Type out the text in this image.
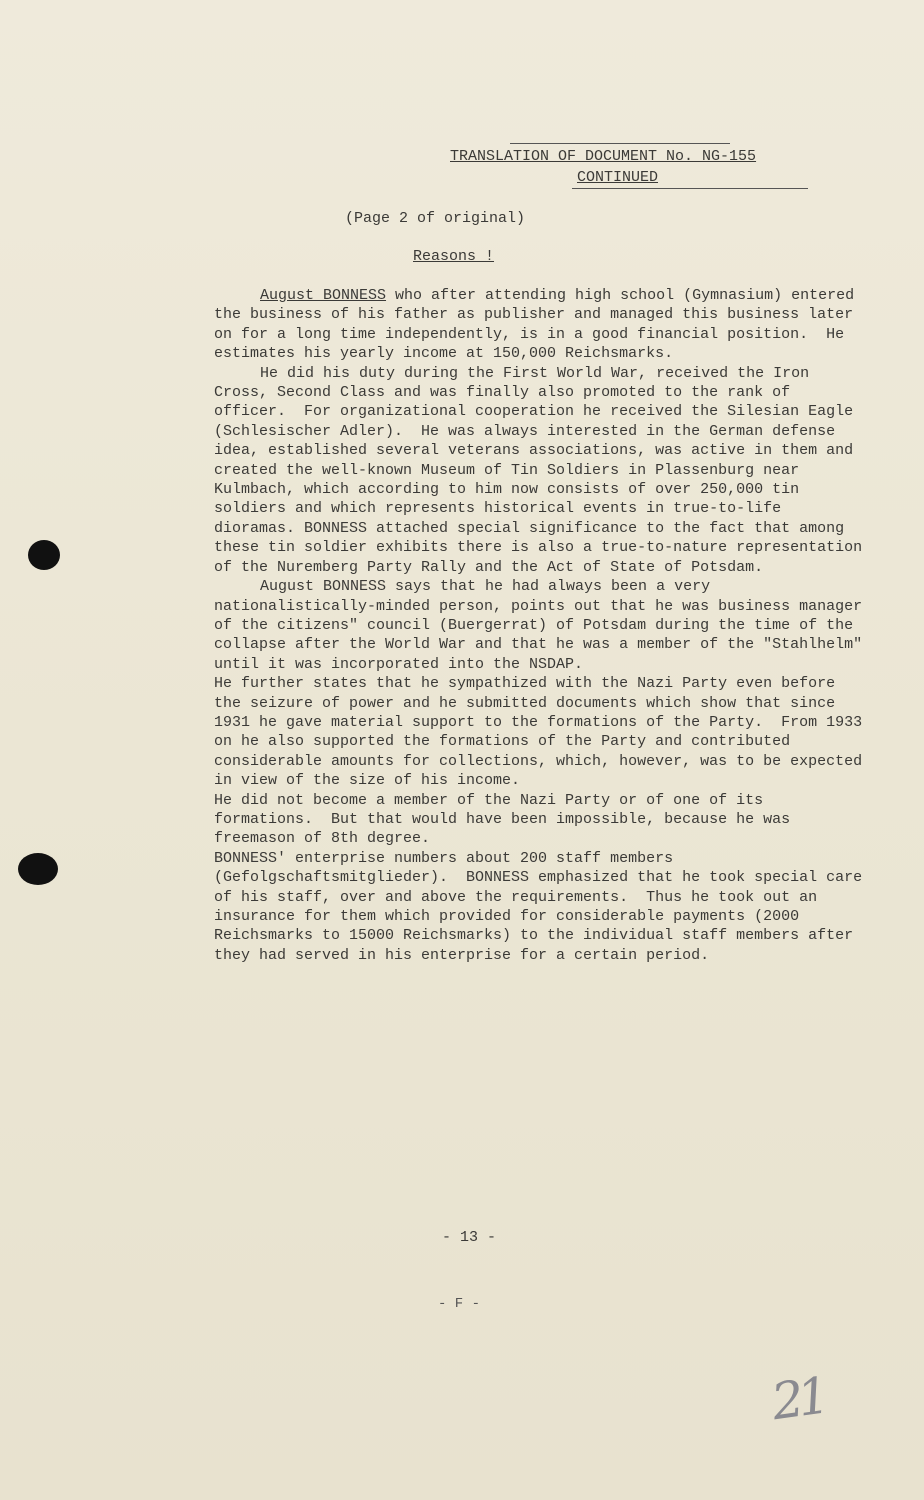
TRANSLATION OF DOCUMENT No. NG-155
CONTINUED
(Page 2 of original)
Reasons !

August BONNESS who after attending high school (Gymnasium) entered the business of his father as publisher and managed this business later on for a long time independently, is in a good financial position.  He estimates his yearly income at 150,000 Reichsmarks.

He did his duty during the First World War, received the Iron Cross, Second Class and was finally also promoted to the rank of officer.  For organizational cooperation he received the Silesian Eagle (Schlesischer Adler).  He was always interested in the German defense idea, established several veterans associations, was active in them and created the well-known Museum of Tin Soldiers in Plassenburg near Kulmbach, which according to him now consists of over 250,000 tin soldiers and which represents historical events in true-to-life dioramas. BONNESS attached special significance to the fact that among these tin soldier exhibits there is also a true-to-nature representation of the Nuremberg Party Rally and the Act of State of Potsdam.

August BONNESS says that he had always been a very nationalistically-minded person, points out that he was business manager of the citizens" council (Buergerrat) of Potsdam during the time of the collapse after the World War and that he was a member of the "Stahlhelm" until it was incorporated into the NSDAP.

He further states that he sympathized with the Nazi Party even before the seizure of power and he submitted documents which show that since 1931 he gave material support to the formations of the Party.  From 1933 on he also supported the formations of the Party and contributed considerable amounts for collections, which, however, was to be expected in view of the size of his income.

He did not become a member of the Nazi Party or of one of its formations.  But that would have been impossible, because he was freemason of 8th degree.

BONNESS' enterprise numbers about 200 staff members (Gefolgschaftsmitglieder).  BONNESS emphasized that he took special care of his staff, over and above the requirements.  Thus he took out an insurance for them which provided for considerable payments (2000 Reichsmarks to 15000 Reichsmarks) to the individual staff members after they had served in his enterprise for a certain period.

- 13 -
- F -
21
